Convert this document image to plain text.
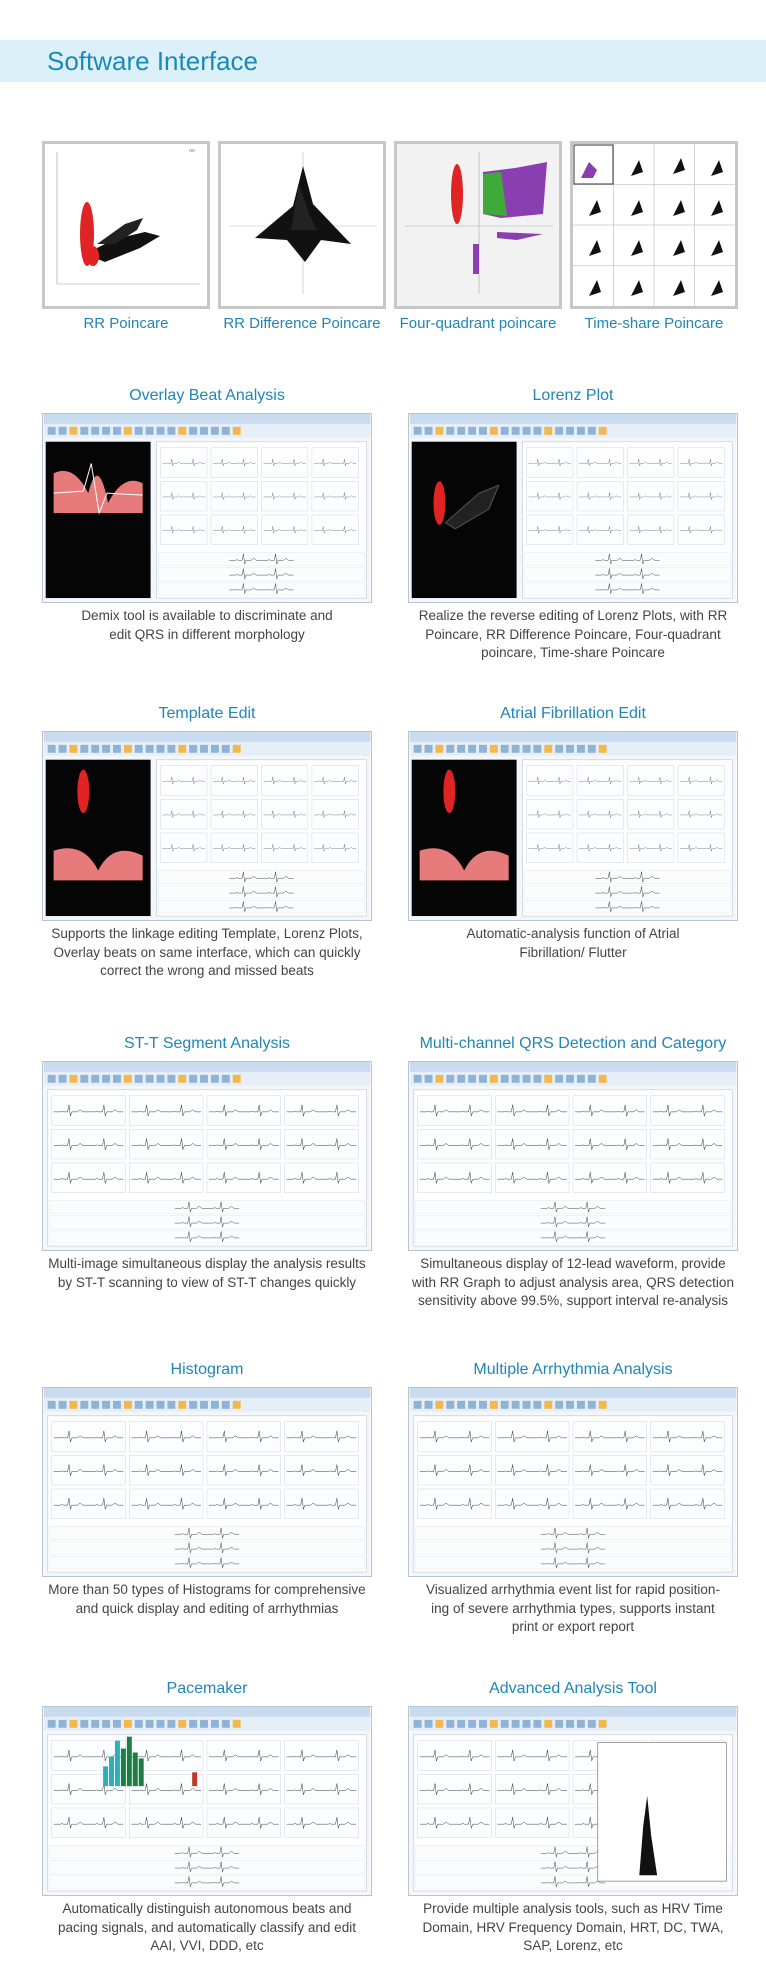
Software Interface
RR
RR Poincare	RR Difference Poincare	Four-quadrant poincare	Time-share Poincare
Overlay Beat Analysis
Demix tool is available to discriminate and
edit QRS in different morphology
Lorenz Plot
Realize the reverse editing of Lorenz Plots, with RR
Poincare, RR Difference Poincare, Four-quadrant
poincare, Time-share Poincare
Template Edit
Supports the linkage editing Template, Lorenz Plots,
Overlay beats on same interface, which can quickly
correct the wrong and missed beats
Atrial Fibrillation Edit
Automatic-analysis function of Atrial
Fibrillation/ Flutter
ST-T Segment Analysis
Multi-image simultaneous display the analysis results
by ST-T scanning to view of ST-T changes quickly
Multi-channel QRS Detection and Category
Simultaneous display of 12-lead waveform, provide
with RR Graph to adjust analysis area, QRS detection
sensitivity above 99.5%, support interval re-analysis
Histogram
More than 50 types of Histograms for comprehensive
and quick display and editing of arrhythmias
Multiple Arrhythmia Analysis
Visualized arrhythmia event list for rapid position-
ing of severe arrhythmia types, supports instant
print or export report
Pacemaker
Automatically distinguish autonomous beats and
pacing signals, and automatically classify and edit
AAI, VVI, DDD, etc
Advanced Analysis Tool
Provide multiple analysis tools, such as HRV Time
Domain, HRV Frequency Domain, HRT, DC, TWA,
SAP, Lorenz, etc
